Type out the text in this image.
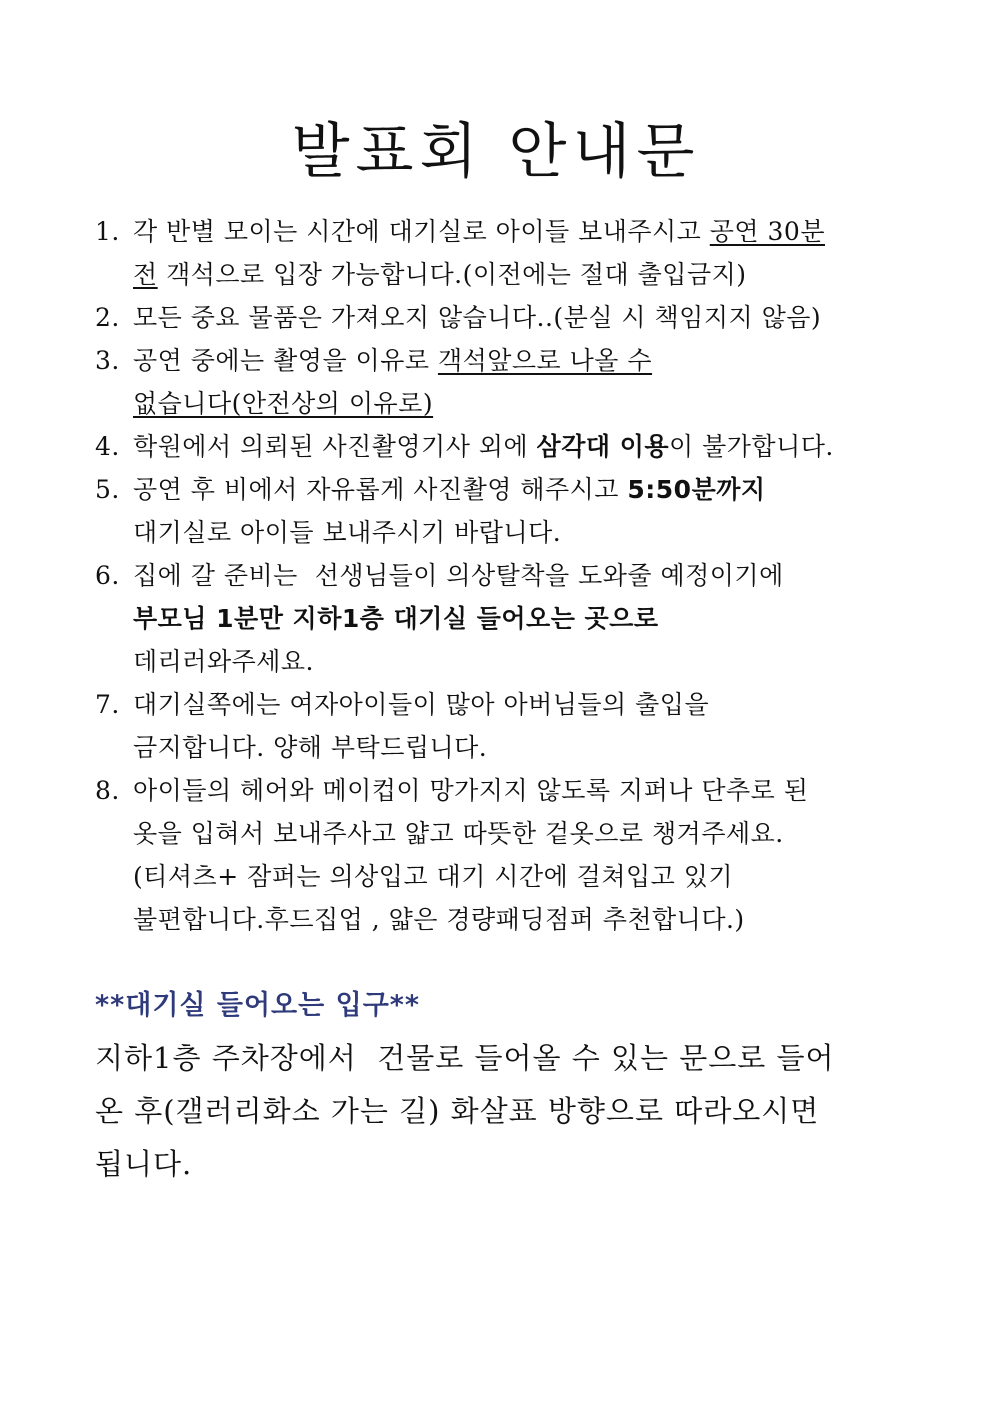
발표회 안내문
1. 각 반별 모이는 시간에 대기실로 아이들 보내주시고 공연 30분
전 객석으로 입장 가능합니다.(이전에는 절대 출입금지)
2. 모든 중요 물품은 가져오지 않습니다..(분실 시 책임지지 않음)
3. 공연 중에는 촬영을 이유로 객석앞으로 나올 수
없습니다(안전상의 이유로)
4. 학원에서 의뢰된 사진촬영기사 외에 삼각대 이용이 불가합니다.
5. 공연 후 비에서 자유롭게 사진촬영 해주시고 5:50분까지
대기실로 아이들 보내주시기 바랍니다.
6. 집에 갈 준비는  선생님들이 의상탈착을 도와줄 예정이기에
부모님 1분만 지하1층 대기실 들어오는 곳으로
데리러와주세요.
7. 대기실쪽에는 여자아이들이 많아 아버님들의 출입을
금지합니다. 양해 부탁드립니다.
8. 아이들의 헤어와 메이컵이 망가지지 않도록 지퍼나 단추로 된
옷을 입혀서 보내주사고 얇고 따뜻한 겉옷으로 챙겨주세요.
(티셔츠+ 잠퍼는 의상입고 대기 시간에 걸쳐입고 있기
불편합니다.후드집업 , 얇은 경량패딩점퍼 추천합니다.)
**대기실 들어오는 입구**
지하1층 주차장에서  건물로 들어올 수 있는 문으로 들어
온 후(갤러리화소 가는 길) 화살표 방향으로 따라오시면
됩니다.
